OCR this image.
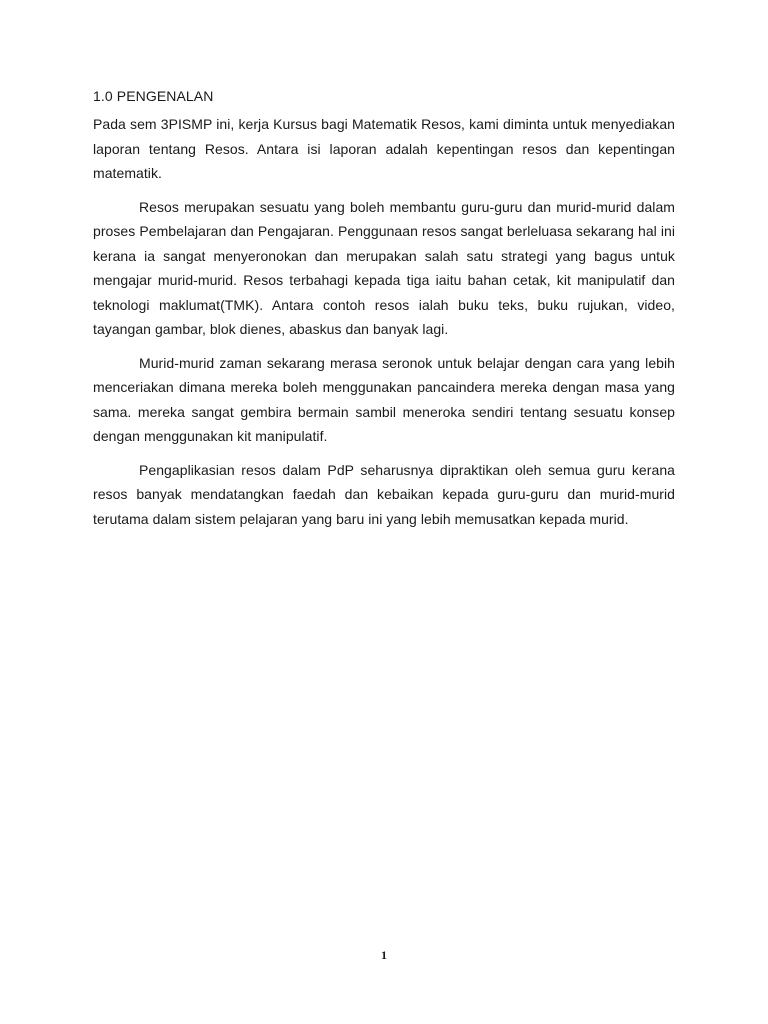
1.0 PENGENALAN

Pada sem 3PISMP ini, kerja Kursus bagi Matematik Resos, kami diminta untuk menyediakan laporan tentang Resos. Antara isi laporan adalah kepentingan resos dan kepentingan matematik.

Resos merupakan sesuatu yang boleh membantu guru-guru dan murid-murid dalam proses Pembelajaran dan Pengajaran. Penggunaan resos sangat berleluasa sekarang hal ini kerana ia sangat menyeronokan dan merupakan salah satu strategi yang bagus untuk mengajar murid-murid. Resos terbahagi kepada tiga iaitu bahan cetak, kit manipulatif dan teknologi maklumat(TMK). Antara contoh resos ialah buku teks, buku rujukan, video, tayangan gambar, blok dienes, abaskus dan banyak lagi.

Murid-murid zaman sekarang merasa seronok untuk belajar dengan cara yang lebih menceriakan dimana mereka boleh menggunakan pancaindera mereka dengan masa yang sama. mereka sangat gembira bermain sambil meneroka sendiri tentang sesuatu konsep dengan menggunakan kit manipulatif.

Pengaplikasian resos dalam PdP seharusnya dipraktikan oleh semua guru kerana resos banyak mendatangkan faedah dan kebaikan kepada guru-guru dan murid-murid terutama dalam sistem pelajaran yang baru ini yang lebih memusatkan kepada murid.

1
